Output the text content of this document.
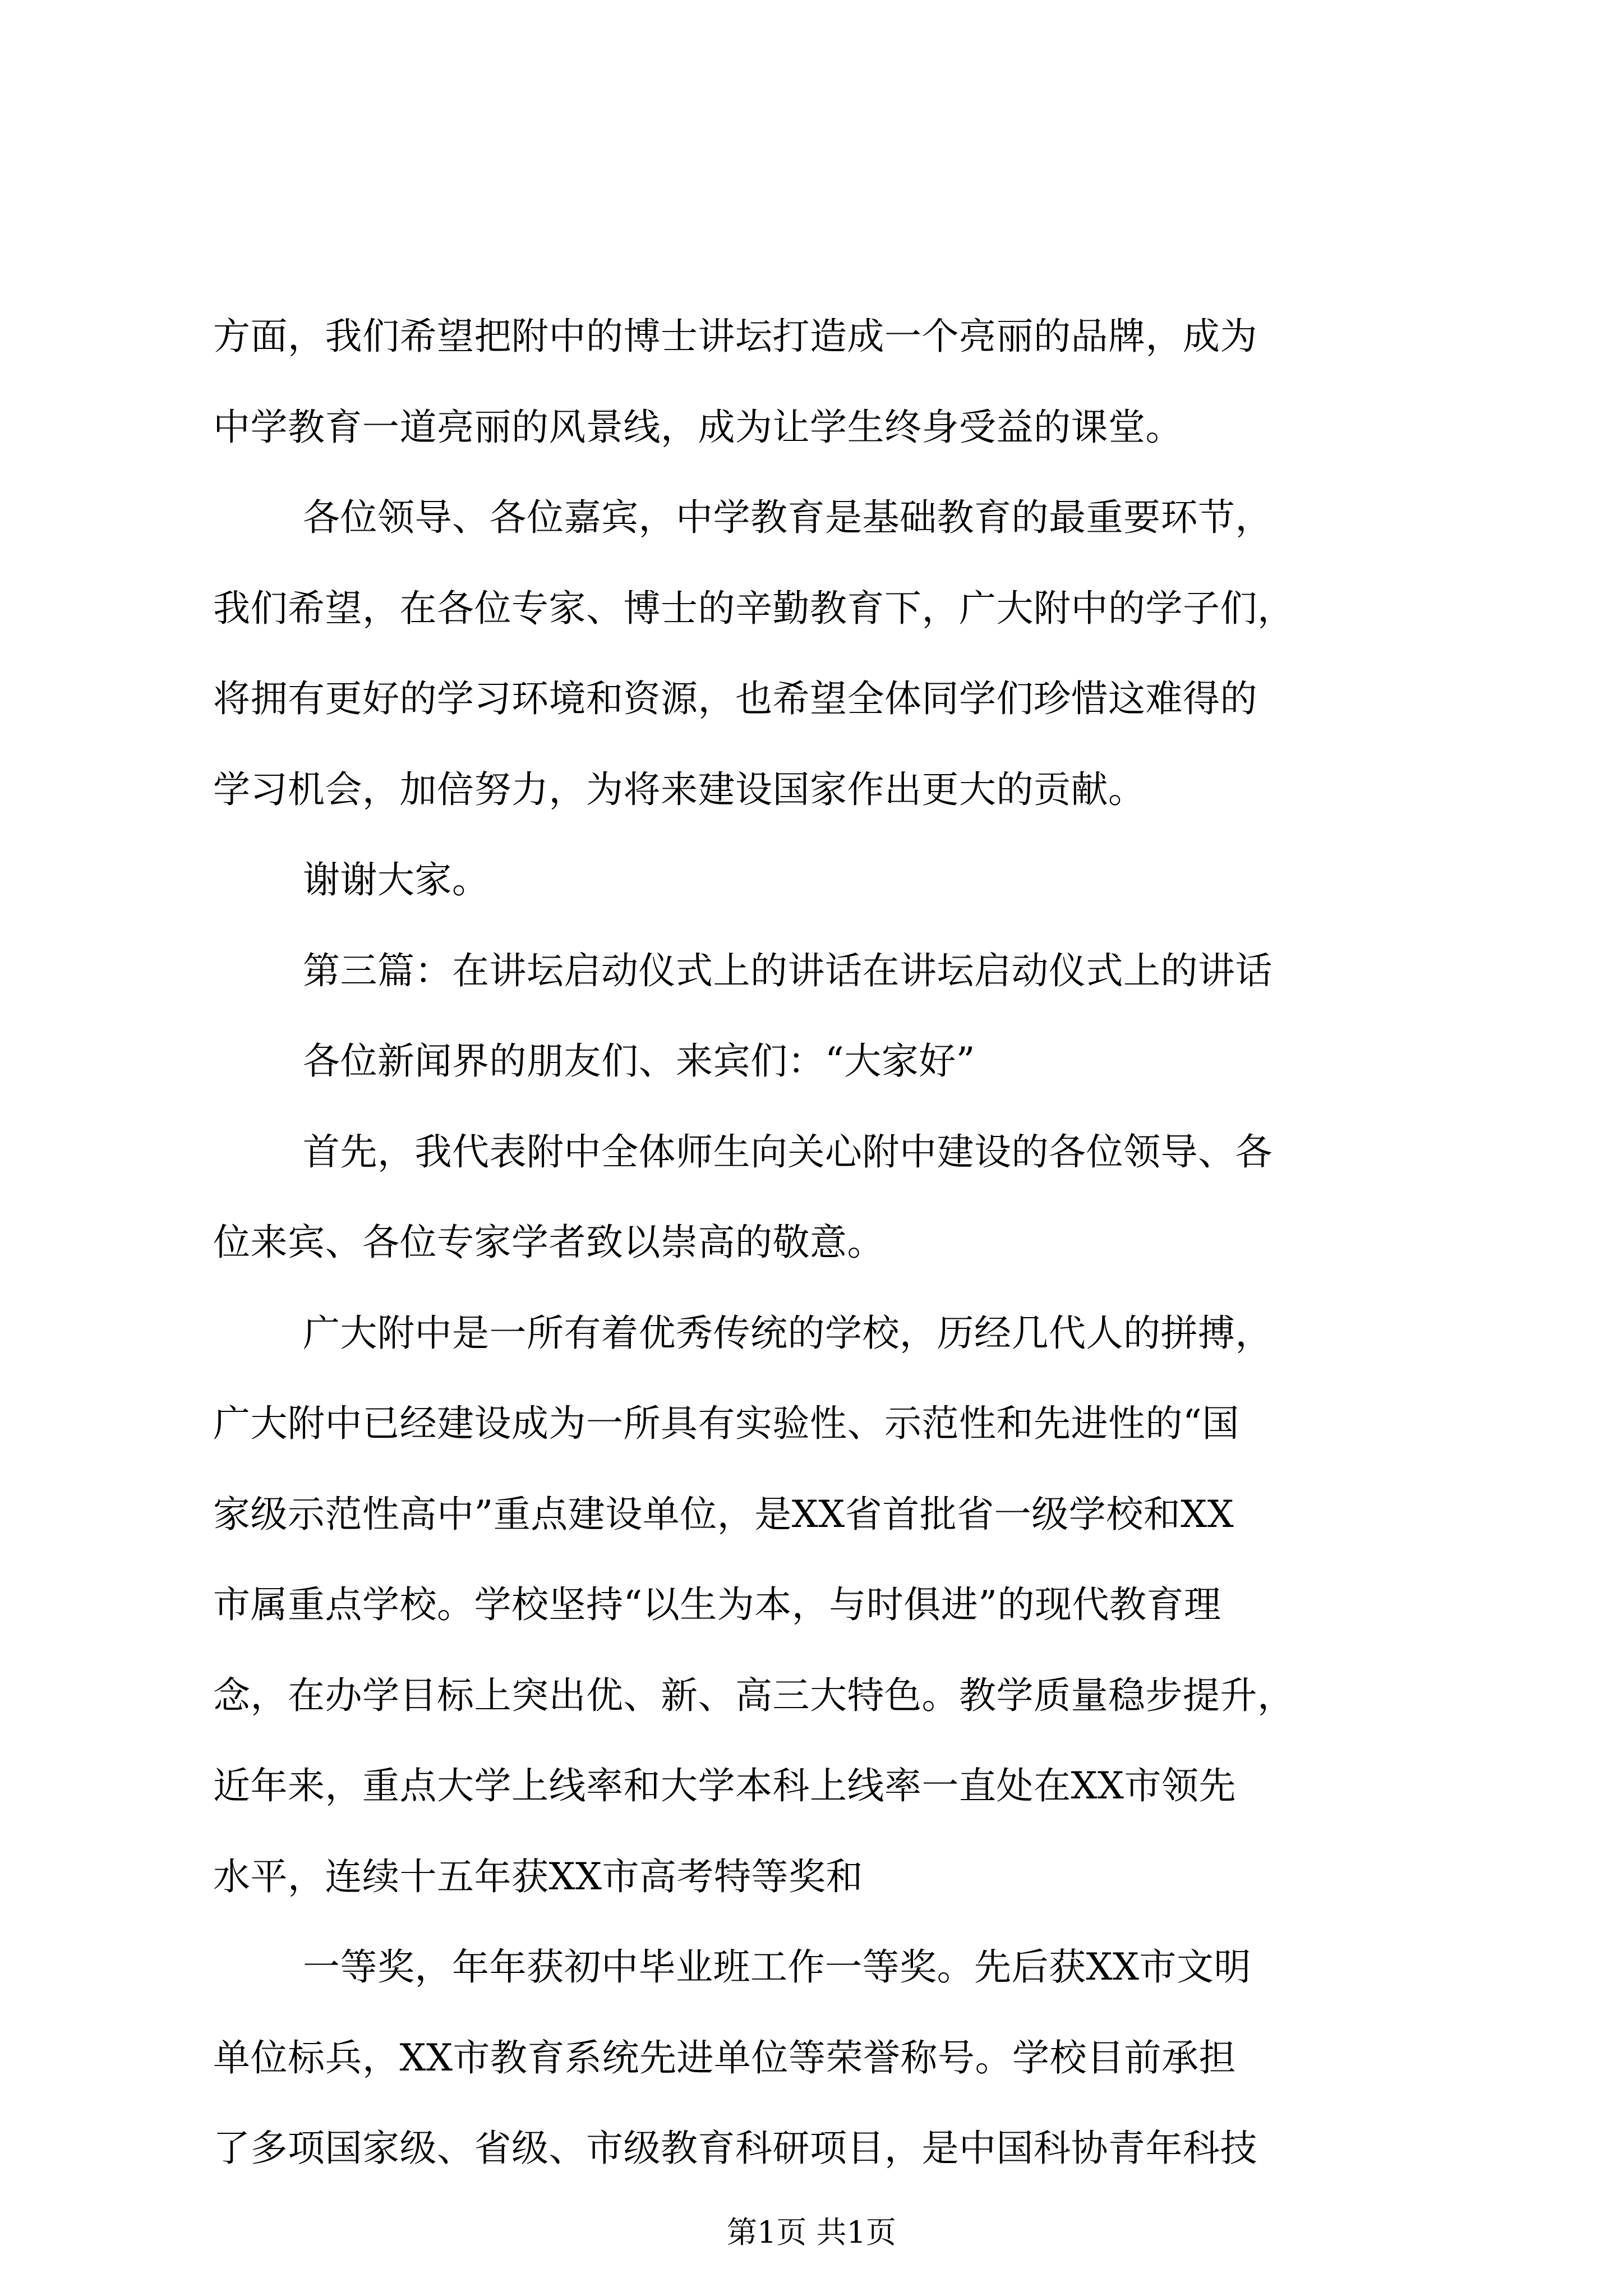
方面，我们希望把附中的博士讲坛打造成一个亮丽的品牌，成为
中学教育一道亮丽的风景线，成为让学生终身受益的课堂。
各位领导、各位嘉宾，中学教育是基础教育的最重要环节，
我们希望，在各位专家、博士的辛勤教育下，广大附中的学子们，
将拥有更好的学习环境和资源，也希望全体同学们珍惜这难得的
学习机会，加倍努力，为将来建设国家作出更大的贡献。
谢谢大家。
第三篇：在讲坛启动仪式上的讲话在讲坛启动仪式上的讲话
各位新闻界的朋友们、来宾们：“大家好”
首先，我代表附中全体师生向关心附中建设的各位领导、各
位来宾、各位专家学者致以崇高的敬意。
广大附中是一所有着优秀传统的学校，历经几代人的拼搏，
广大附中已经建设成为一所具有实验性、示范性和先进性的“国
家级示范性高中”重点建设单位，是XX省首批省一级学校和XX
市属重点学校。学校坚持“以生为本，与时俱进”的现代教育理
念，在办学目标上突出优、新、高三大特色。教学质量稳步提升，
近年来，重点大学上线率和大学本科上线率一直处在XX市领先
水平，连续十五年获XX市高考特等奖和
一等奖，年年获初中毕业班工作一等奖。先后获XX市文明
单位标兵，XX市教育系统先进单位等荣誉称号。学校目前承担
了多项国家级、省级、市级教育科研项目，是中国科协青年科技
第1页 共1页
